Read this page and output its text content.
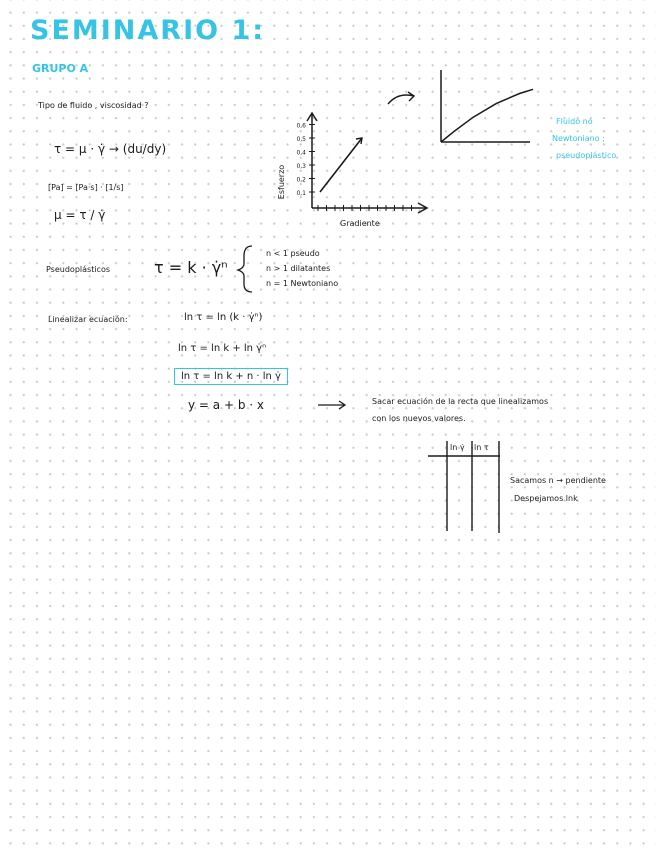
SEMINARIO 1:
GRUPO A
Tipo de fluido , viscosidad ?
τ = μ · γ̇ → (du/dy)
[Pa] = [Pa·s] · [1/s]
μ = τ / γ̇
0,1
0,2
0,3
0,4
0,5
0,6
Gradiente
Esfuerzo
Fluido no
Newtoniano ;
pseudoplástico
Pseudoplásticos	τ = k · γ̇ⁿ
n < 1 pseudo
n > 1 dilatantes
n = 1 Newtoniano
Linealizar ecuación:	ln τ = ln (k · γ̇ⁿ)
ln τ = ln k + ln γ̇ⁿ
ln τ = ln k + n · ln γ̇
y = a + b · x	Sacar ecuación de la recta que linealizamos
con los nuevos valores.
ln γ̇ ln τ
Sacamos n → pendiente
Despejamos lnk
